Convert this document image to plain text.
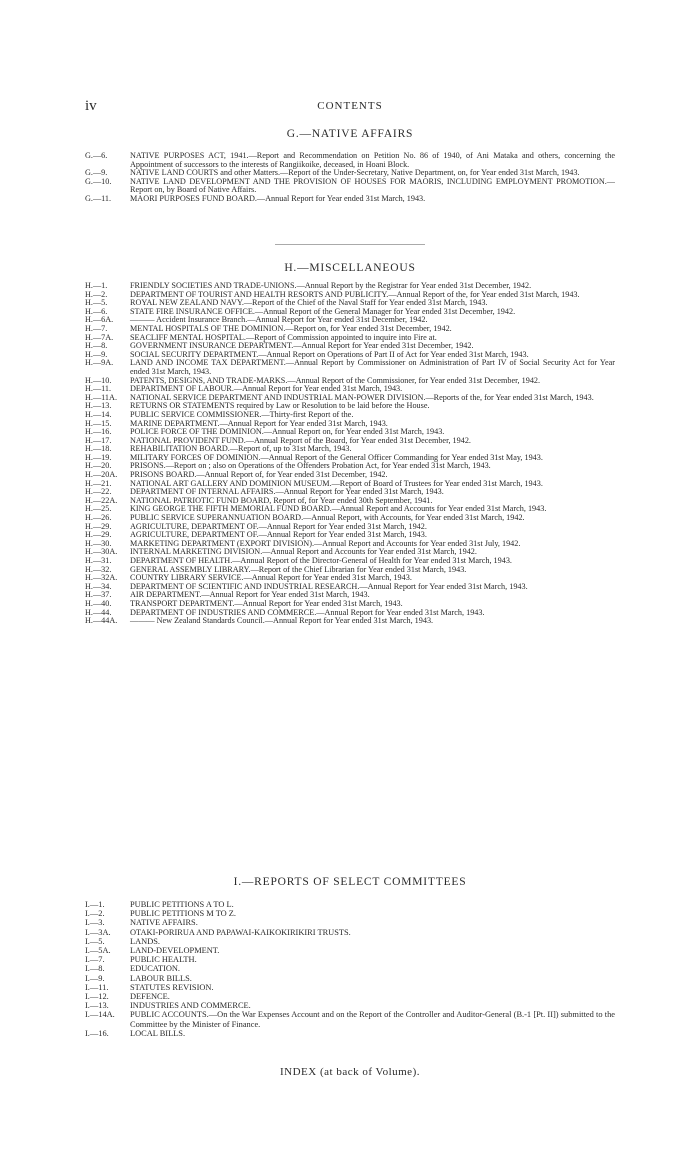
iv	CONTENTS
G.—NATIVE AFFAIRS
G.—6.	NATIVE PURPOSES ACT, 1941.—Report and Recommendation on Petition No. 86 of 1940, of Ani Mataka and others, concerning the Appointment of successors to the interests of Rangiikoike, deceased, in Hoani Block.
G.—9.	NATIVE LAND COURTS and other Matters.—Report of the Under-Secretary, Native Department, on, for Year ended 31st March, 1943.
G.—10.	NATIVE LAND DEVELOPMENT AND THE PROVISION OF HOUSES FOR MAORIS, INCLUDING EMPLOYMENT PROMOTION.—Report on, by Board of Native Affairs.
G.—11.	MAORI PURPOSES FUND BOARD.—Annual Report for Year ended 31st March, 1943.
H.—MISCELLANEOUS
H.—1.	FRIENDLY SOCIETIES AND TRADE-UNIONS.—Annual Report by the Registrar for Year ended 31st December, 1942.
H.—2.	DEPARTMENT OF TOURIST AND HEALTH RESORTS AND PUBLICITY.—Annual Report of the, for Year ended 31st March, 1943.
H.—5.	ROYAL NEW ZEALAND NAVY.—Report of the Chief of the Naval Staff for Year ended 31st March, 1943.
H.—6.	STATE FIRE INSURANCE OFFICE.—Annual Report of the General Manager for Year ended 31st December, 1942.
H.—6A.	——— Accident Insurance Branch.—Annual Report for Year ended 31st December, 1942.
H.—7.	MENTAL HOSPITALS OF THE DOMINION.—Report on, for Year ended 31st December, 1942.
H.—7A.	SEACLIFF MENTAL HOSPITAL.—Report of Commission appointed to inquire into Fire at.
H.—8.	GOVERNMENT INSURANCE DEPARTMENT.—Annual Report for Year ended 31st December, 1942.
H.—9.	SOCIAL SECURITY DEPARTMENT.—Annual Report on Operations of Part II of Act for Year ended 31st March, 1943.
H.—9A.	LAND AND INCOME TAX DEPARTMENT.—Annual Report by Commissioner on Administration of Part IV of Social Security Act for Year ended 31st March, 1943.
H.—10.	PATENTS, DESIGNS, AND TRADE-MARKS.—Annual Report of the Commissioner, for Year ended 31st December, 1942.
H.—11.	DEPARTMENT OF LABOUR.—Annual Report for Year ended 31st March, 1943.
H.—11A.	NATIONAL SERVICE DEPARTMENT AND INDUSTRIAL MAN-POWER DIVISION.—Reports of the, for Year ended 31st March, 1943.
H.—13.	RETURNS OR STATEMENTS required by Law or Resolution to be laid before the House.
H.—14.	PUBLIC SERVICE COMMISSIONER.—Thirty-first Report of the.
H.—15.	MARINE DEPARTMENT.—Annual Report for Year ended 31st March, 1943.
H.—16.	POLICE FORCE OF THE DOMINION.—Annual Report on, for Year ended 31st March, 1943.
H.—17.	NATIONAL PROVIDENT FUND.—Annual Report of the Board, for Year ended 31st December, 1942.
H.—18.	REHABILITATION BOARD.—Report of, up to 31st March, 1943.
H.—19.	MILITARY FORCES OF DOMINION.—Annual Report of the General Officer Commanding for Year ended 31st May, 1943.
H.—20.	PRISONS.—Report on ; also on Operations of the Offenders Probation Act, for Year ended 31st March, 1943.
H.—20A.	PRISONS BOARD.—Annual Report of, for Year ended 31st December, 1942.
H.—21.	NATIONAL ART GALLERY AND DOMINION MUSEUM.—Report of Board of Trustees for Year ended 31st March, 1943.
H.—22.	DEPARTMENT OF INTERNAL AFFAIRS.—Annual Report for Year ended 31st March, 1943.
H.—22A.	NATIONAL PATRIOTIC FUND BOARD, Report of, for Year ended 30th September, 1941.
H.—25.	KING GEORGE THE FIFTH MEMORIAL FUND BOARD.—Annual Report and Accounts for Year ended 31st March, 1943.
H.—26.	PUBLIC SERVICE SUPERANNUATION BOARD.—Annual Report, with Accounts, for Year ended 31st March, 1942.
H.—29.	AGRICULTURE, DEPARTMENT OF.—Annual Report for Year ended 31st March, 1942.
H.—29.	AGRICULTURE, DEPARTMENT OF.—Annual Report for Year ended 31st March, 1943.
H.—30.	MARKETING DEPARTMENT (EXPORT DIVISION).—Annual Report and Accounts for Year ended 31st July, 1942.
H.—30A.	INTERNAL MARKETING DIVISION.—Annual Report and Accounts for Year ended 31st March, 1942.
H.—31.	DEPARTMENT OF HEALTH.—Annual Report of the Director-General of Health for Year ended 31st March, 1943.
H.—32.	GENERAL ASSEMBLY LIBRARY.—Report of the Chief Librarian for Year ended 31st March, 1943.
H.—32A.	COUNTRY LIBRARY SERVICE.—Annual Report for Year ended 31st March, 1943.
H.—34.	DEPARTMENT OF SCIENTIFIC AND INDUSTRIAL RESEARCH.—Annual Report for Year ended 31st March, 1943.
H.—37.	AIR DEPARTMENT.—Annual Report for Year ended 31st March, 1943.
H.—40.	TRANSPORT DEPARTMENT.—Annual Report for Year ended 31st March, 1943.
H.—44.	DEPARTMENT OF INDUSTRIES AND COMMERCE.—Annual Report for Year ended 31st March, 1943.
H.—44A.	——— New Zealand Standards Council.—Annual Report for Year ended 31st March, 1943.
I.—REPORTS OF SELECT COMMITTEES
I.—1.	PUBLIC PETITIONS A TO L.
I.—2.	PUBLIC PETITIONS M TO Z.
I.—3.	NATIVE AFFAIRS.
I.—3A.	OTAKI-PORIRUA AND PAPAWAI-KAIKOKIRIKIRI TRUSTS.
I.—5.	LANDS.
I.—5A.	LAND-DEVELOPMENT.
I.—7.	PUBLIC HEALTH.
I.—8.	EDUCATION.
I.—9.	LABOUR BILLS.
I.—11.	STATUTES REVISION.
I.—12.	DEFENCE.
I.—13.	INDUSTRIES AND COMMERCE.
I.—14A.	PUBLIC ACCOUNTS.—On the War Expenses Account and on the Report of the Controller and Auditor-General (B.-1 [Pt. II]) submitted to the Committee by the Minister of Finance.
I.—16.	LOCAL BILLS.
INDEX (at back of Volume).
